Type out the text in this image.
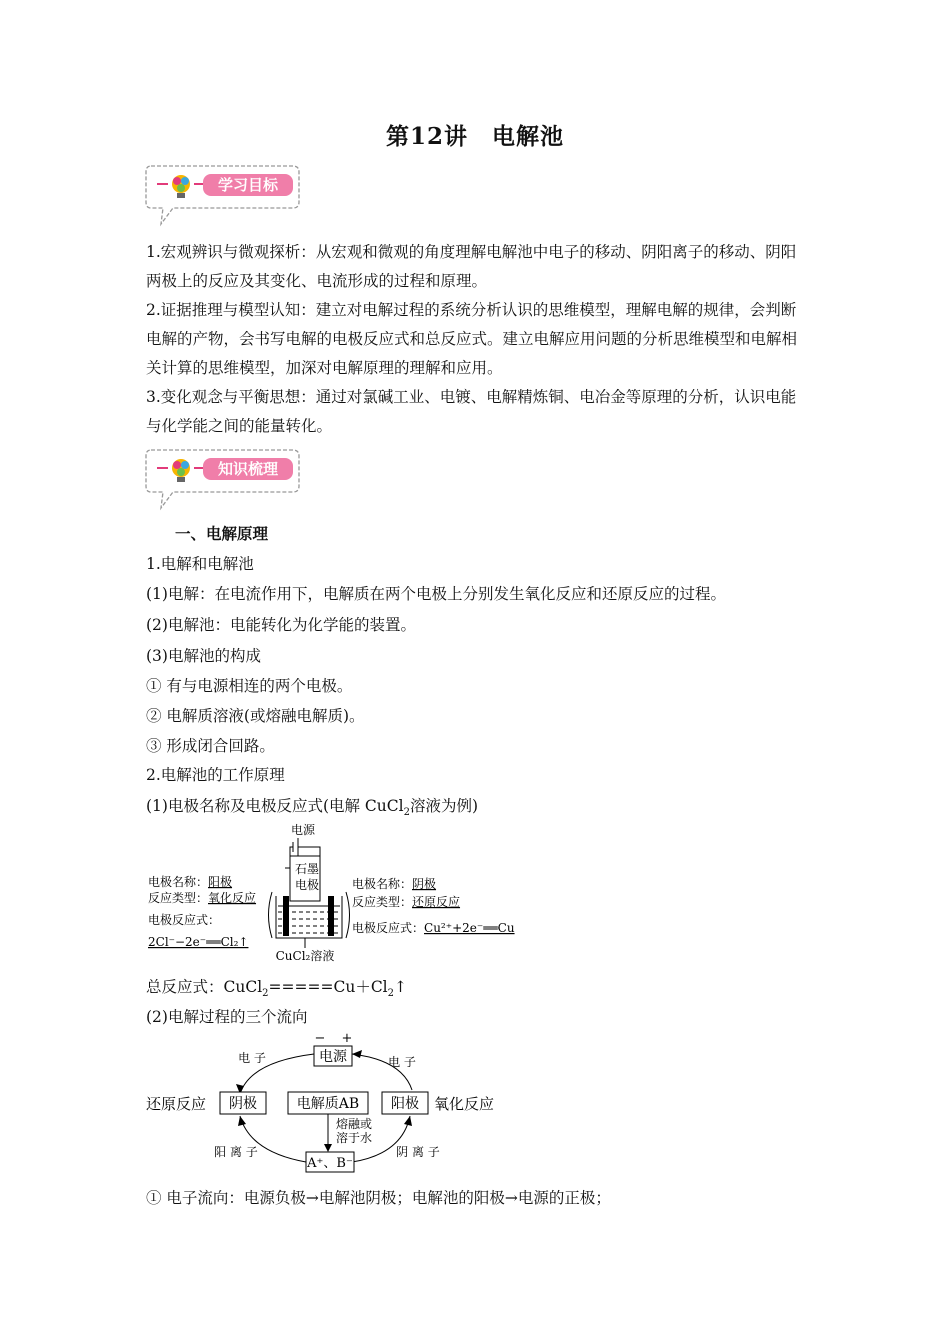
第12讲　电解池
学习目标

1.宏观辨识与微观探析：从宏观和微观的角度理解电解池中电子的移动、阴阳离子的移动、阴阳两极上的反应及其变化、电流形成的过程和原理。

2.证据推理与模型认知：建立对电解过程的系统分析认识的思维模型，理解电解的规律，会判断电解的产物，会书写电解的电极反应式和总反应式。建立电解应用问题的分析思维模型和电解相关计算的思维模型，加深对电解原理的理解和应用。

3.变化观念与平衡思想：通过对氯碱工业、电镀、电解精炼铜、电冶金等原理的分析，认识电能与化学能之间的能量转化。

知识梳理
一、电解原理
1.电解和电解池
(1)电解：在电流作用下，电解质在两个电极上分别发生氧化反应和还原反应的过程。
(2)电解池：电能转化为化学能的装置。
(3)电解池的构成
① 有与电源相连的两个电极。
② 电解质溶液(或熔融电解质)。
③ 形成闭合回路。
2.电解池的工作原理
(1)电极名称及电极反应式(电解 CuCl$_2$溶液为例)
电源
石墨
电极
CuCl₂溶液
电极名称：阳极
反应类型：氧化反应
电极反应式：
2Cl⁻−2e⁻══Cl₂↑
电极名称：阴极
反应类型：还原反应
电极反应式：Cu²⁺+2e⁻══Cu
总反应式：$CuCl_2=====Cu+Cl_2↑$
(2)电解过程的三个流向
− +
电源
电 子	电 子
还原反应 阴极	电解质AB 阳极 氧化反应
熔融或
溶于水
阳 离 子	阴 离 子
A⁺、B⁻
① 电子流向：电源负极→电解池阴极；电解池的阳极→电源的正极；
